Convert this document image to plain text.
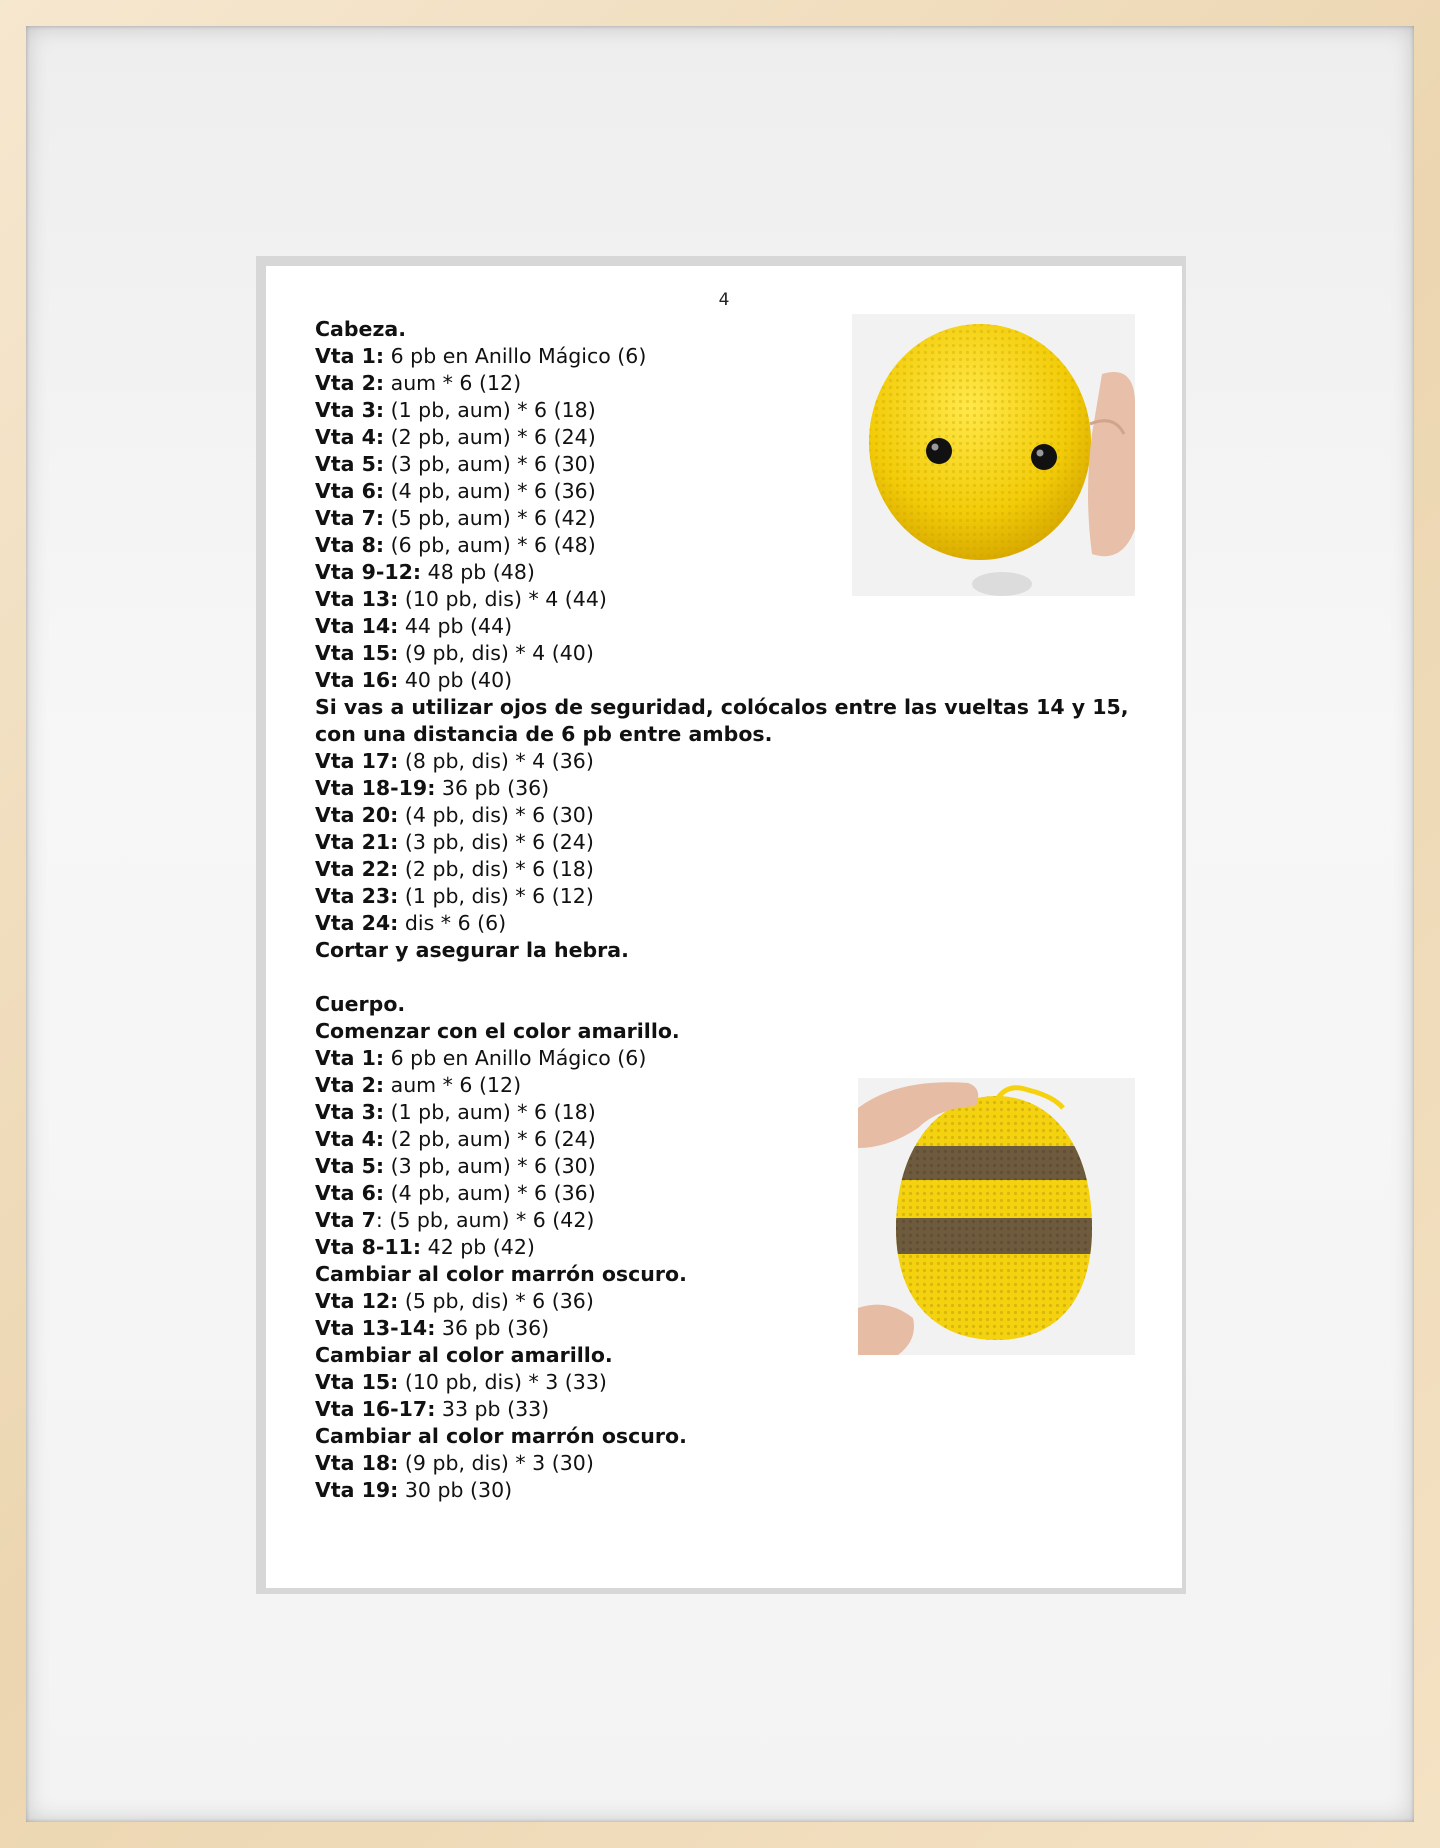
4
Cabeza.
Vta 1: 6 pb en Anillo Mágico (6)
Vta 2: aum * 6 (12)
Vta 3: (1 pb, aum) * 6 (18)
Vta 4: (2 pb, aum) * 6 (24)
Vta 5: (3 pb, aum) * 6 (30)
Vta 6: (4 pb, aum) * 6 (36)
Vta 7: (5 pb, aum) * 6 (42)
Vta 8: (6 pb, aum) * 6 (48)
Vta 9-12: 48 pb (48)
Vta 13: (10 pb, dis) * 4 (44)
Vta 14: 44 pb (44)
Vta 15: (9 pb, dis) * 4 (40)
Vta 16: 40 pb (40)
Si vas a utilizar ojos de seguridad, colócalos entre las vueltas 14 y 15, con una distancia de 6 pb entre ambos.
Vta 17: (8 pb, dis) * 4 (36)
Vta 18-19: 36 pb (36)
Vta 20: (4 pb, dis) * 6 (30)
Vta 21: (3 pb, dis) * 6 (24)
Vta 22: (2 pb, dis) * 6 (18)
Vta 23: (1 pb, dis) * 6 (12)
Vta 24: dis * 6 (6)
Cortar y asegurar la hebra.
Cuerpo.
Comenzar con el color amarillo.
Vta 1: 6 pb en Anillo Mágico (6)
Vta 2: aum * 6 (12)
Vta 3: (1 pb, aum) * 6 (18)
Vta 4: (2 pb, aum) * 6 (24)
Vta 5: (3 pb, aum) * 6 (30)
Vta 6: (4 pb, aum) * 6 (36)
Vta 7: (5 pb, aum) * 6 (42)
Vta 8-11: 42 pb (42)
Cambiar al color marrón oscuro.
Vta 12: (5 pb, dis) * 6 (36)
Vta 13-14: 36 pb (36)
Cambiar al color amarillo.
Vta 15: (10 pb, dis) * 3 (33)
Vta 16-17: 33 pb (33)
Cambiar al color marrón oscuro.
Vta 18: (9 pb, dis) * 3 (30)
Vta 19: 30 pb (30)
